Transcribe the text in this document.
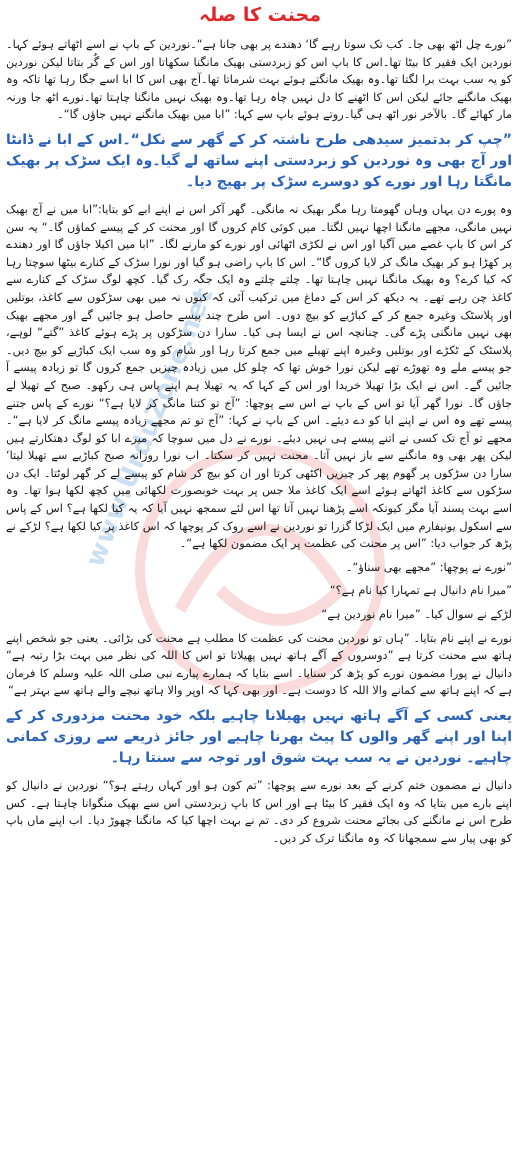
محنت کا صلہ
www.UrduZone.net

”نورے چل اٹھ بھی جا۔ کب تک سوتا رہے گا‘ دھندے پر بھی جانا ہے“۔نوردین کے باپ نے اسے اٹھاتے ہوئے کہا۔نوردین ایک فقیر کا بیٹا تھا۔اس کا باپ اس کو زبردستی بھیک مانگنا سکھاتا اور اس کے گُر بتاتا لیکن نوردین کو یہ سب بہت برا لگتا تھا۔وہ بھیک مانگتے ہوئے بہت شرماتا تھا۔آج بھی اس کا ابا اسے جگا رہا تھا تاکہ وہ بھیک مانگنے جائے لیکن اس کا اٹھنے کا دل نہیں چاہ رہا تھا۔وہ بھیک نہیں مانگنا چاہتا تھا۔نورے اٹھ جا ورنہ مار کھائے گا۔ بالآخر نور اٹھ ہی گیا۔روتے ہوئے باپ سے کہا: ”ابا میں بھیک مانگنے نہیں جاؤں گا“۔

”چپ کر بدتمیز سیدھی طرح ناشتہ کر کے گھر سے نکل“۔اس کے ابا نے ڈانٹا اور آج بھی وہ نوردین کو زبردستی اپنے ساتھ لے گیا۔وہ ایک سڑک پر بھیک مانگتا رہا اور نورے کو دوسرے سڑک پر بھیج دیا۔

وہ پورے دن یہاں وہاں گھومتا رہا مگر بھیک نہ مانگی۔ گھر آکر اس نے اپنے ابے کو بتایا:”ابا میں نے آج بھیک نہیں مانگی، مجھے مانگنا اچھا نہیں لگتا۔ میں کوئی کام کروں گا اور محنت کر کے پیسے کماؤں گا۔“ یہ سن کر اس کا باپ غصے میں آگیا اور اس نے لکڑی اٹھائی اور نورے کو مارنے لگا۔ ”ابا میں اکیلا جاؤں گا اور دھندے پر کھڑا ہو کر بھیک مانگ کر لایا کروں گا“۔ اس کا باپ راضی ہو گیا اور نورا سڑک کے کنارے بیٹھا سوچتا رہا کہ کیا کرے؟ وہ بھیک مانگنا نہیں چاہتا تھا۔ چلتے چلتے وہ ایک جگہ رک گیا۔ کچھ لوگ سڑک کے کنارے سے کاغذ چن رہے تھے۔ یہ دیکھ کر اس کے دماغ میں ترکیب آئی کہ کیوں نہ میں بھی سڑکوں سے کاغذ، بوتلیں اور پلاسٹک وغیرہ جمع کر کے کباڑیے کو بیچ دوں۔ اس طرح چند پیسے حاصل ہو جائیں گے اور مجھے بھیک بھی نہیں مانگنی پڑے گی۔ چنانچہ اس نے ایسا ہی کیا۔ سارا دن سڑکوں پر پڑے ہوئے کاغذ ”گتے“ لوہے، پلاسٹک کے ٹکڑے اور بوتلیں وغیرہ اپنے تھیلے میں جمع کرتا رہا اور شام کو وہ سب ایک کباڑیے کو بیچ دیں۔ جو پیسے ملے وہ تھوڑے تھے لیکن نورا خوش تھا کہ چلو کل میں زیادہ چیزیں جمع کروں گا تو زیادہ پیسے آ جائیں گے۔ اس نے ایک بڑا تھیلا خریدا اور اس کے کہا کہ یہ تھیلا ہم اپنے پاس ہی رکھو۔ صبح کے تھیلا لے جاؤں گا۔ نورا گھر آیا تو اس کے باپ نے اس سے پوچھا: ”آج تو کتنا مانگ کر لایا ہے؟“ نورے کے پاس جتنے پیسے تھے وہ اس نے اپنے ابا کو دے دیئے۔ اس کے باپ نے کہا: ”آج تو تم مجھے زیادہ پیسے مانگ کر لایا ہے“۔ مجھے تو آج تک کسی نے اتنے پیسے ہی نہیں دیئے۔ نورے نے دل میں سوچا کہ میرے ابا کو لوگ دھتکارتے ہیں لیکن پھر بھی وہ مانگنے سے باز نہیں آتا۔ محنت نہیں کر سکتا۔ اب نورا روزانہ صبح کباڑیے سے تھیلا لیتا‘ سارا دن سڑکوں پر گھوم پھر کر چیزیں اکٹھی کرتا اور ان کو بیچ کر شام کو پیسے لے کر گھر لوٹتا۔ ایک دن سڑکوں سے کاغذ اٹھاتے ہوئے اسے ایک کاغذ ملا جس پر بہت خوبصورت لکھائی میں کچھ لکھا ہوا تھا۔ وہ اسے بہت پسند آیا مگر کیونکہ اسے پڑھنا نہیں آتا تھا اس لئے سمجھ نہیں آیا کہ یہ کیا لکھا ہے؟ اس کے پاس سے اسکول یونیفارم میں ایک لڑکا گزرا تو نوردین نے اسے روک کر پوچھا کہ اس کاغذ پر کیا لکھا ہے؟ لڑکے نے پڑھ کر جواب دیا: ”اس پر محنت کی عظمت پر ایک مضمون لکھا ہے“۔

”نورے نے پوچھا: ”مجھے بھی سناؤ“۔

”میرا نام دانیال ہے تمہارا کیا نام ہے؟“

لڑکے نے سوال کیا۔ ”میرا نام نوردین ہے“

نورے نے اپنے نام بتایا۔ ”ہاں تو نوردین محنت کی عظمت کا مطلب ہے محنت کی بڑائی۔ یعنی جو شخص اپنے ہاتھ سے محنت کرتا ہے ”دوسروں کے آگے ہاتھ نہیں پھیلاتا تو اس کا اللہ کی نظر میں بہت بڑا رتبہ ہے“ دانیال نے پورا مضمون نورے کو پڑھ کر سنایا۔ اسے بتایا کہ ہمارے پیارے نبی صلی اللہ علیہ وسلم کا فرمان ہے کہ اپنے ہاتھ سے کمانے والا اللہ کا دوست ہے۔ اور بھی کہا کہ اوپر والا ہاتھ نیچے والے ہاتھ سے بہتر ہے“

یعنی کسی کے آگے ہاتھ نہیں پھیلانا چاہیے بلکہ خود محنت مزدوری کر کے اپنا اور اپنے گھر والوں کا پیٹ بھرنا چاہیے اور جائز ذریعے سے روزی کمانی چاہیے۔ نوردین نے یہ سب بہت شوق اور توجہ سے سنتا رہا۔

دانیال نے مضمون ختم کرنے کے بعد نورے سے پوچھا: ”تم کون ہو اور کہاں رہتے ہو؟“ نوردین نے دانیال کو اپنے بارے میں بتایا کہ وہ ایک فقیر کا بیٹا ہے اور اس کا باپ زبردستی اس سے بھیک منگوانا چاہتا ہے۔ کس طرح اس نے مانگنے کی بجائے محنت شروع کر دی۔ تم نے بہت اچھا کیا کہ مانگنا چھوڑ دیا۔ اب اپنے ماں باپ کو بھی پیار سے سمجھانا کہ وہ مانگنا ترک کر دیں۔
